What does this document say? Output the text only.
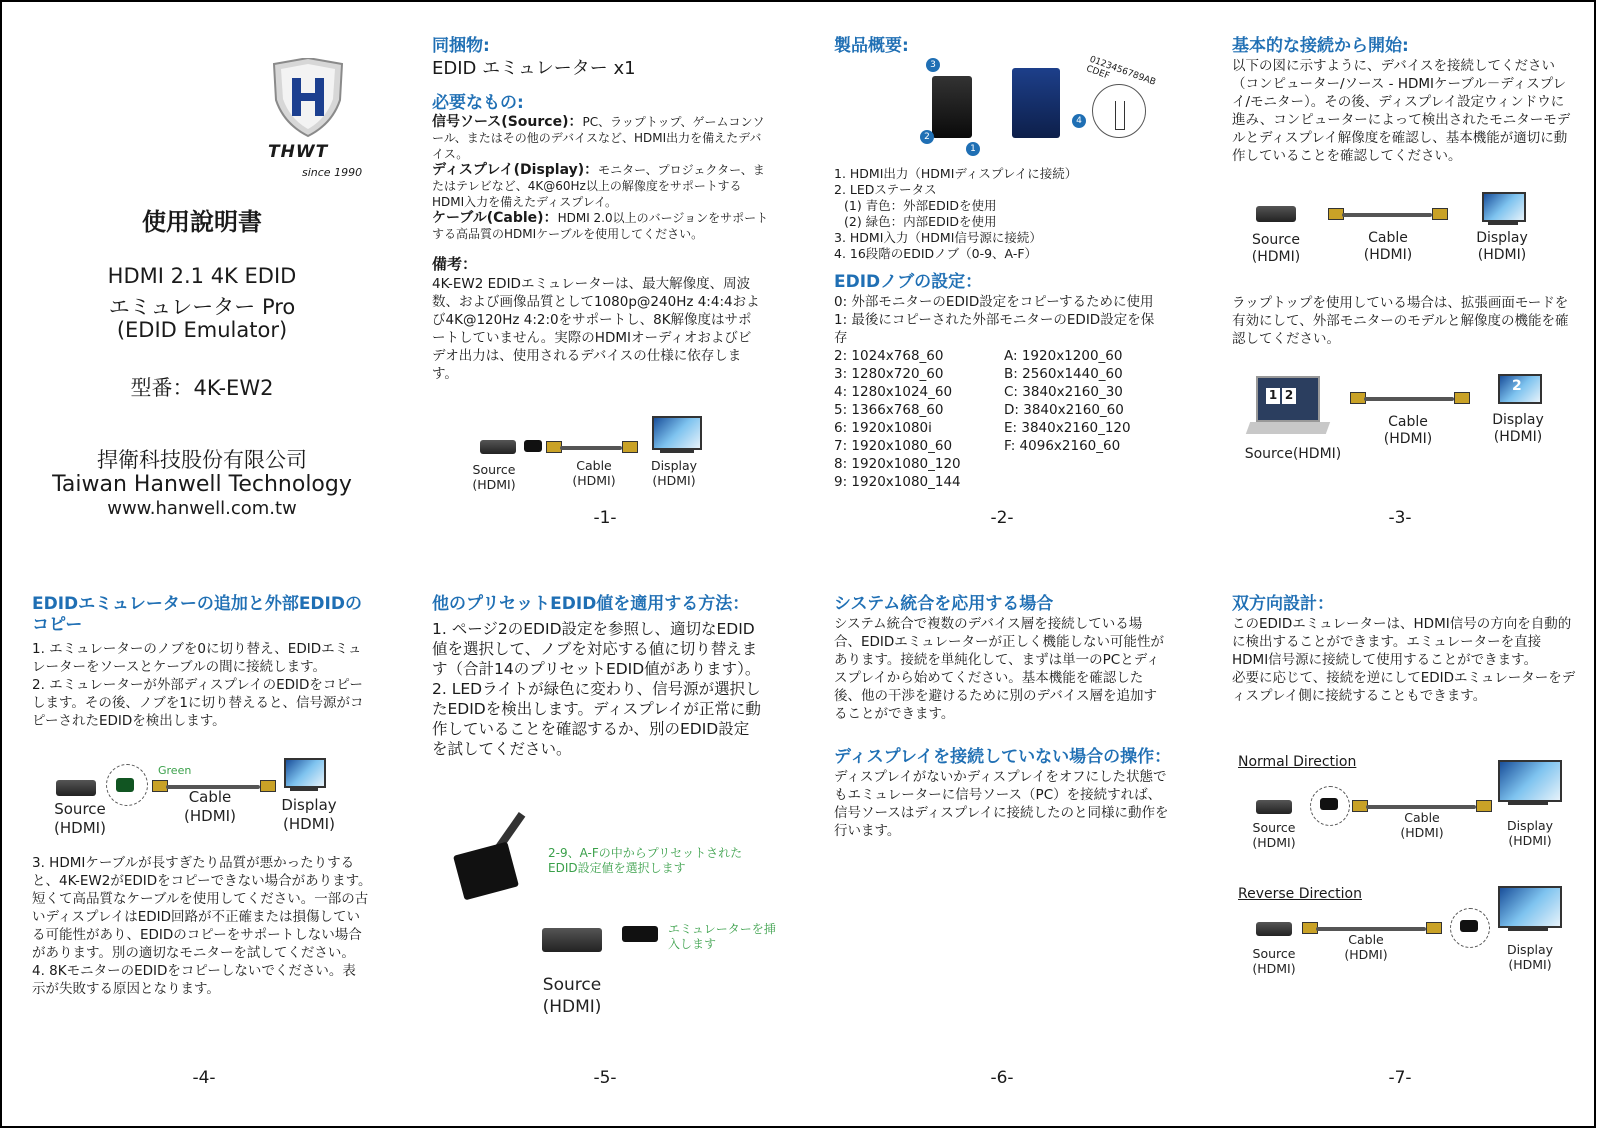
THWT
since 1990
使用說明書
HDMI 2.1 4K EDID
エミュレーター Pro
(EDID Emulator)
型番：4K-EW2
捍衛科技股份有限公司
Taiwan Hanwell Technology
www.hanwell.com.tw

同捆物:

EDID エミュレーター x1

必要なもの:

信号ソース(Source)：PC、ラップトップ、ゲームコンソール、またはその他のデバイスなど、HDMI出力を備えたデバイス。

ディスプレイ(Display)：モニター、プロジェクター、またはテレビなど、4K@60Hz以上の解像度をサポートするHDMI入力を備えたディスプレイ。

ケーブル(Cable)：HDMI 2.0以上のバージョンをサポートする高品質のHDMIケーブルを使用してください。

備考：

4K-EW2 EDIDエミュレーターは、最大解像度、周波数、および画像品質として1080p@240Hz 4:4:4および4K@120Hz 4:2:0をサポートし、8K解像度はサポートしていません。実際のHDMIオーディオおよびビデオ出力は、使用されるデバイスの仕様に依存します。

Source
(HDMI)
Cable
(HDMI)
Display
(HDMI)
-1-

製品概要:

3
2
1
4
0123456789ABCDEF

1. HDMI出力（HDMIディスプレイに接続）

2. LEDステータス

(1) 青色：外部EDIDを使用

(2) 緑色：内部EDIDを使用

3. HDMI入力（HDMI信号源に接続）

4. 16段階のEDIDノブ（0-9、A-F）

EDIDノブの設定：

0: 外部モニターのEDID設定をコピーするために使用

1: 最後にコピーされた外部モニターのEDID設定を保存

2: 1024x768_60

3: 1280x720_60

4: 1280x1024_60

5: 1366x768_60

6: 1920x1080i

7: 1920x1080_60

8: 1920x1080_120

9: 1920x1080_144

A: 1920x1200_60

B: 2560x1440_60

C: 3840x2160_30

D: 3840x2160_60

E: 3840x2160_120

F: 4096x2160_60

-2-

基本的な接続から開始:

以下の図に示すように、デバイスを接続してください（コンピューター/ソース - HDMIケーブル－ディスプレイ/モニター）。その後、ディスプレイ設定ウィンドウに進み、コンピューターによって検出されたモニターモデルとディスプレイ解像度を確認し、基本機能が適切に動作していることを確認してください。

Source
(HDMI)
Cable
(HDMI)
Display
(HDMI)

ラップトップを使用している場合は、拡張画面モードを有効にして、外部モニターのモデルと解像度の機能を確認してください。

1 2
2
Source(HDMI)
Cable
(HDMI)
Display
(HDMI)
-3-

EDIDエミュレーターの追加と外部EDIDのコピー

1. エミュレーターのノブを0に切り替え、EDIDエミュレーターをソースとケーブルの間に接続します。
2. エミュレーターが外部ディスプレイのEDIDをコピーします。その後、ノブを1に切り替えると、信号源がコピーされたEDIDを検出します。
Green
Source
(HDMI)
Cable
(HDMI)
Display
(HDMI)
3. HDMIケーブルが長すぎたり品質が悪かったりすると、4K-EW2がEDIDをコピーできない場合があります。短くて高品質なケーブルを使用してください。一部の古いディスプレイはEDID回路が不正確または損傷している可能性があり、EDIDのコピーをサポートしない場合があります。別の適切なモニターを試してください。
4. 8KモニターのEDIDをコピーしないでください。表示が失敗する原因となります。
-4-

他のプリセットEDID値を適用する方法：

1. ページ2のEDID設定を参照し、適切なEDID値を選択して、ノブを対応する値に切り替えます（合計14のプリセットEDID値があります）。
2. LEDライトが緑色に変わり、信号源が選択したEDIDを検出します。ディスプレイが正常に動作していることを確認するか、別のEDID設定を試してください。
2-9、A-Fの中からプリセットされたEDID設定値を選択します
エミュレーターを挿入します
Source
(HDMI)
-5-

システム統合を応用する場合

システム統合で複数のデバイス層を接続している場合、EDIDエミュレーターが正しく機能しない可能性があります。接続を単純化して、まずは単一のPCとディスプレイから始めてください。基本機能を確認した後、他の干渉を避けるために別のデバイス層を追加することができます。

ディスプレイを接続していない場合の操作：

ディスプレイがないかディスプレイをオフにした状態でもエミュレーターに信号ソース（PC）を接続すれば、信号ソースはディスプレイに接続したのと同様に動作を行います。

-6-

双方向設計：

このEDIDエミュレーターは、HDMI信号の方向を自動的に検出することができます。エミュレーターを直接HDMI信号源に接続して使用することができます。

必要に応じて、接続を逆にしてEDIDエミュレーターをディスプレイ側に接続することもできます。

Normal Direction
Source
(HDMI)
Cable
(HDMI)	Display
(HDMI)
Reverse Direction
Source
(HDMI)
Cable
(HDMI)	Display
(HDMI)
-7-
